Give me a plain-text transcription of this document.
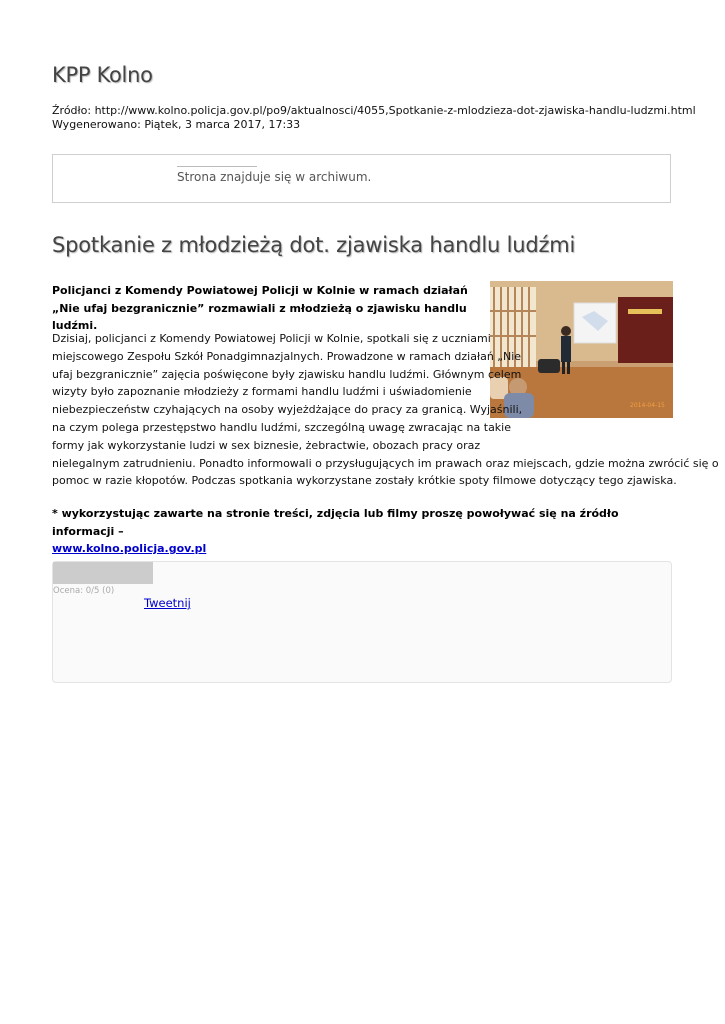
KPP Kolno
Źródło: http://www.kolno.policja.gov.pl/po9/aktualnosci/4055,Spotkanie-z-mlodzieza-dot-zjawiska-handlu-ludzmi.html
Wygenerowano: Piątek, 3 marca 2017, 17:33
Strona znajduje się w archiwum.
Spotkanie z młodzieżą dot. zjawiska handlu ludźmi

Policjanci z Komendy Powiatowej Policji w Kolnie w ramach działań „Nie ufaj bezgranicznie” rozmawiali z młodzieżą o zjawisku handlu ludźmi.

2014-04-15
Dzisiaj, policjanci z Komendy Powiatowej Policji w Kolnie, spotkali się z uczniami
miejscowego Zespołu Szkół Ponadgimnazjalnych. Prowadzone w ramach działań „Nie
ufaj bezgranicznie” zajęcia poświęcone były zjawisku handlu ludźmi. Głównym celem
wizyty było zapoznanie młodzieży z formami handlu ludźmi i uświadomienie
niebezpieczeństw czyhających na osoby wyjeżdżające do pracy za granicą. Wyjaśnili,
na czym polega przestępstwo handlu ludźmi, szczególną uwagę zwracając na takie
formy jak wykorzystanie ludzi w sex biznesie, żebractwie, obozach pracy oraz
nielegalnym zatrudnieniu. Ponadto informowali o przysługujących im prawach oraz miejscach, gdzie można zwrócić się o
pomoc w razie kłopotów. Podczas spotkania wykorzystane zostały krótkie spoty filmowe dotyczący tego zjawiska.

* wykorzystując zawarte na stronie treści, zdjęcia lub filmy proszę powoływać się na źródło informacji –
www.kolno.policja.gov.pl

Ocena: 0/5 (0)
Tweetnij
